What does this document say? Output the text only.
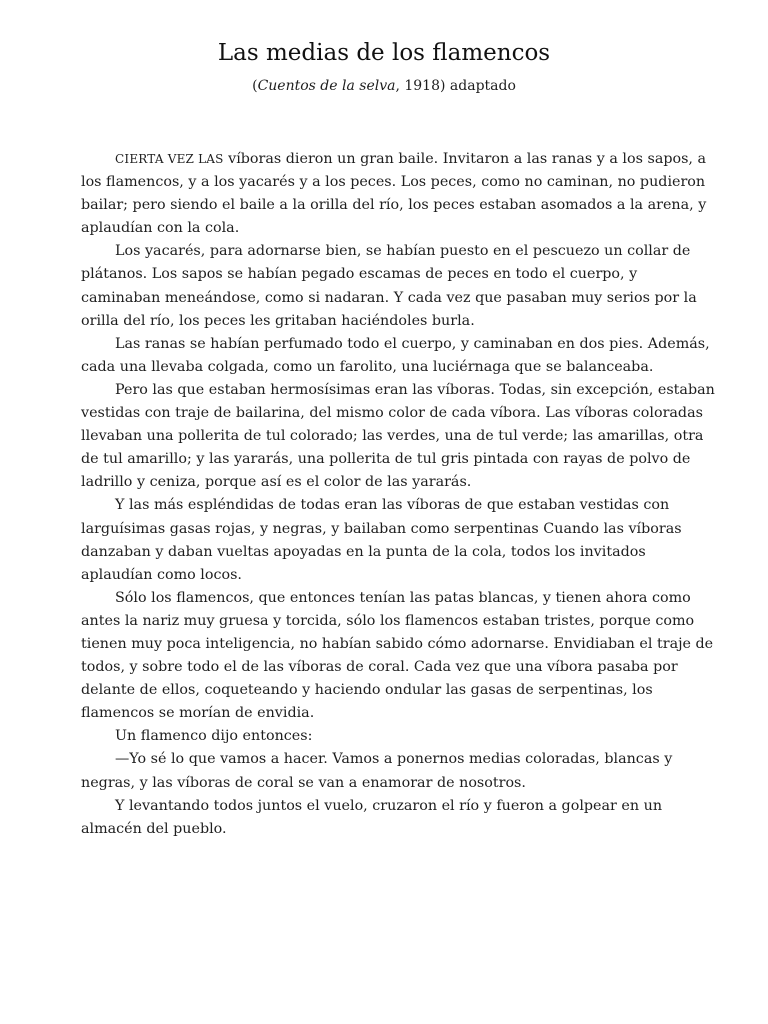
Las medias de los flamencos

(Cuentos de la selva, 1918) adaptado

CIERTA VEZ LAS víboras dieron un gran baile. Invitaron a las ranas y a los sapos, a los flamencos, y a los yacarés y a los peces. Los peces, como no caminan, no pudieron bailar; pero siendo el baile a la orilla del río, los peces estaban asomados a la arena, y aplaudían con la cola.

Los yacarés, para adornarse bien, se habían puesto en el pescuezo un collar de plátanos. Los sapos se habían pegado escamas de peces en todo el cuerpo, y caminaban meneándose, como si nadaran. Y cada vez que pasaban muy serios por la orilla del río, los peces les gritaban haciéndoles burla.

Las ranas se habían perfumado todo el cuerpo, y caminaban en dos pies. Además, cada una llevaba colgada, como un farolito, una luciérnaga que se balanceaba.

Pero las que estaban hermosísimas eran las víboras. Todas, sin excepción, estaban vestidas con traje de bailarina, del mismo color de cada víbora. Las víboras coloradas llevaban una pollerita de tul colorado; las verdes, una de tul verde; las amarillas, otra de tul amarillo; y las yararás, una pollerita de tul gris pintada con rayas de polvo de ladrillo y ceniza, porque así es el color de las yararás.

Y las más espléndidas de todas eran las víboras de que estaban vestidas con larguísimas gasas rojas, y negras, y bailaban como serpentinas Cuando las víboras danzaban y daban vueltas apoyadas en la punta de la cola, todos los invitados aplaudían como locos.

Sólo los flamencos, que entonces tenían las patas blancas, y tienen ahora como antes la nariz muy gruesa y torcida, sólo los flamencos estaban tristes, porque como tienen muy poca inteligencia, no habían sabido cómo adornarse. Envidiaban el traje de todos, y sobre todo el de las víboras de coral. Cada vez que una víbora pasaba por delante de ellos, coqueteando y haciendo ondular las gasas de serpentinas, los flamencos se morían de envidia.

Un flamenco dijo entonces:

—Yo sé lo que vamos a hacer. Vamos a ponernos medias coloradas, blancas y negras, y las víboras de coral se van a enamorar de nosotros.

Y levantando todos juntos el vuelo, cruzaron el río y fueron a golpear en un almacén del pueblo.
